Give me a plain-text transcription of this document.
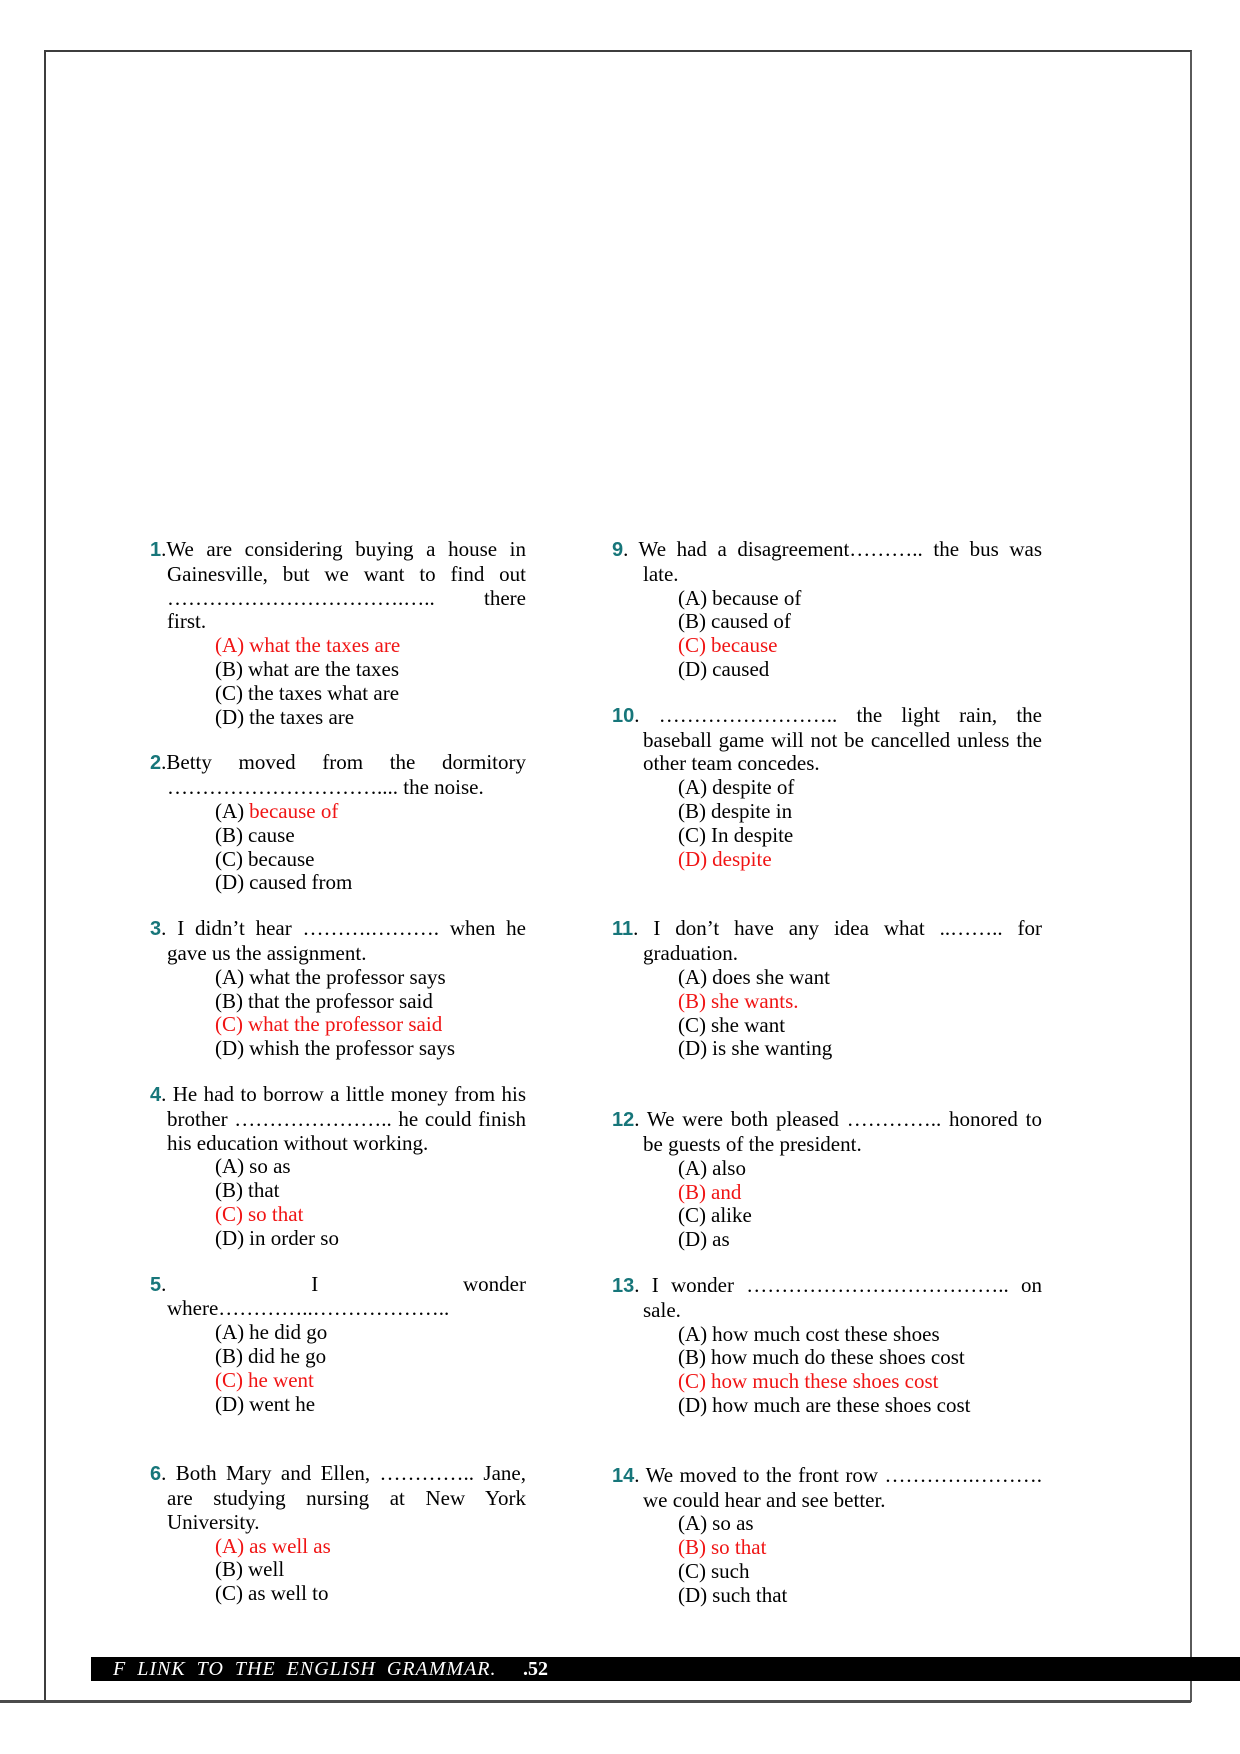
1.We are considering buying a house in Gainesville, but we want to find out …………………………….….. there first.

(A) what the taxes are
(B) what are the taxes
(C) the taxes what are
(D) the taxes are

2.Betty moved from the dormitory ………………………….... the noise.

(A) because of
(B) cause
(C) because
(D) caused from

3. I didn’t hear ……….………. when he gave us the assignment.

(A) what the professor says
(B) that the professor said
(C) what the professor said
(D) whish the professor says

4. He had to borrow a little money from his brother ………………….. he could finish his education without working.

(A) so as
(B) that
(C) so that
(D) in order so

5. I wonder where…………..………………..

(A) he did go
(B) did he go
(C) he went
(D) went he

6. Both Mary and Ellen, ………….. Jane, are studying nursing at New York University.

(A) as well as
(B) well
(C) as well to

9. We had a disagreement……….. the bus was late.

(A) because of
(B) caused of
(C) because
(D) caused

10. …………………….. the light rain, the baseball game will not be cancelled unless the other team concedes.

(A) despite of
(B) despite in
(C) In despite
(D) despite

11. I don’t have any idea what ..…….. for graduation.

(A) does she want
(B) she wants.
(C) she want
(D) is she wanting

12. We were both pleased ………….. honored to be guests of the president.

(A) also
(B) and
(C) alike
(D) as

13. I wonder ……………………………….. on sale.

(A) how much cost these shoes
(B) how much do these shoes cost
(C) how much these shoes cost
(D) how much are these shoes cost

14. We moved to the front row ………….………. we could hear and see better.

(A) so as
(B) so that
(C) such
(D) such that
F LINK TO THE ENGLISH GRAMMAR. .52
